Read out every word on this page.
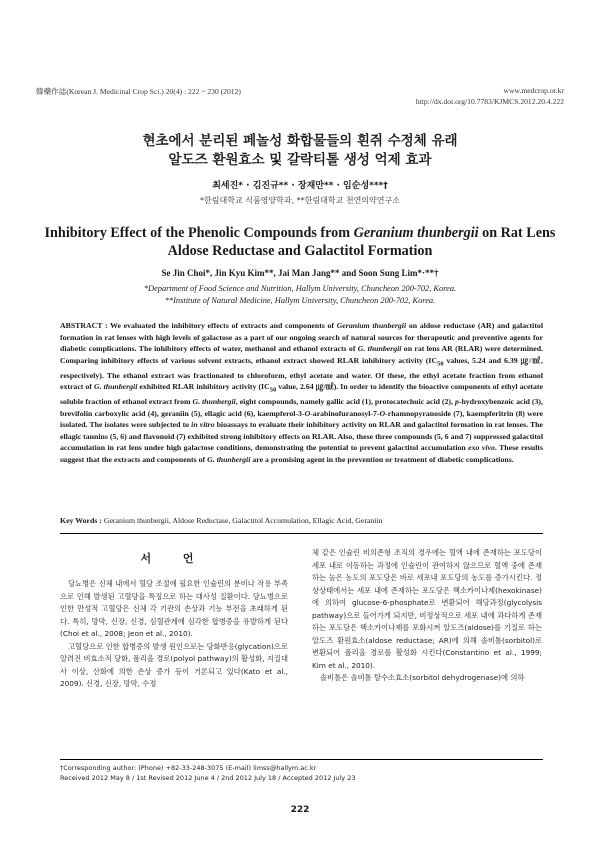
韓藥作誌(Korean J. Medicinal Crop Sci.) 20(4) : 222 ~ 230 (2012)	www.medcrop.or.kr
http://dx.doi.org/10.7783/KJMCS.2012.20.4.222
현초에서 분리된 페놀성 화합물들의 흰쥐 수정체 유래
알도즈 환원효소 및 갈락티톨 생성 억제 효과
최세진* · 김진규** · 장재만** · 임순성***†
*한림대학교 식품영양학과, **한림대학교 천연의약연구소
Inhibitory Effect of the Phenolic Compounds from Geranium thunbergii on Rat Lens
Aldose Reductase and Galactitol Formation
Se Jin Choi*, Jin Kyu Kim**, Jai Man Jang** and Soon Sung Lim*·**†
*Department of Food Science and Nutrition, Hallym University, Chuncheon 200-702, Korea.
**Institute of Natural Medicine, Hallym University, Chuncheon 200-702, Korea.
ABSTRACT : We evaluated the inhibitory effects of extracts and components of Geranium thunbergii on aldose reductase (AR) and galactitol formation in rat lenses with high levels of galactose as a part of our ongoing search of natural sources for therapeutic and preventive agents for diabetic complications. The inhibitory effects of water, methanol and ethanol extracts of G. thunbergii on rat lens AR (RLAR) were determined. Comparing inhibitory effects of various solvent extracts, ethanol extract showed RLAR inhibitory activity ($IC_{50}$ values, 5.24 and 6.39 ㎍/㎖, respectively). The ethanol extract was fractionated to chloroform, ethyl acetate and water. Of these, the ethyl acetate fraction from ethanol extract of G. thunbergii exhibited RLAR inhibitory activity ($IC_{50}$ value, 2.64 ㎍/㎖). In order to identify the bioactive components of ethyl acetate soluble fraction of ethanol extract from G. thunbergii, eight compounds, namely gallic acid (1), protocatechuic acid (2), p-hydroxybenzoic acid (3), brevifolin carboxylic acid (4), geraniin (5), ellagic acid (6), kaempferol-3-O-arabinofuranosyl-7-O-rhamnopyranoside (7), kaempferitrin (8) were isolated. The isolates were subjected to in vitro bioassays to evaluate their inhibitory activity on RLAR and galactitol formation in rat lenses. The ellagic tannins (5, 6) and flavonoid (7) exhibited strong inhibitory effects on RLAR. Also, these three compounds (5, 6 and 7) suppressed galactitol accumulation in rat lens under high galactose conditions, demonstrating the potential to prevent galactitol accumulation exo vivo. These results suggest that the extracts and components of G. thunbergii are a promising agent in the prevention or treatment of diabetic complications.
Key Words : Geranium thunbergii, Aldose Reductase, Galactitol Accumulation, Ellagic Acid, Geraniin
서 언

당뇨병은 신체 내에서 혈당 조절에 필요한 인슐린의 분비나 작용 부족으로 인해 발생된 고혈당을 특징으로 하는 대사성 질환이다. 당뇨병으로 인한 만성적 고혈당은 신체 각 기관의 손상과 기능 부전을 초래하게 된다. 특히, 망막, 신장, 신경, 심혈관계에 심각한 합병증을 유발하게 된다(Choi et al., 2008; Jeon et al., 2010).

고혈당으로 인한 합병증의 발생 원인으로는 당화반응(glycation)으로 알려진 비효소적 당화, 폴리올 경로(polyol pathway)의 활성화, 지질대사 이상, 산화에 의한 손상 증가 등이 거론되고 있다(Kato et al., 2009). 신경, 신장, 망막, 수정

체 같은 인슐린 비의존형 조직의 경우에는 혈액 내에 존재하는 포도당이 세포 내로 이동하는 과정에 인슐린이 관여하지 않으므로 혈액 중에 존재하는 높은 농도의 포도당은 바로 세포내 포도당의 농도를 증가시킨다. 정상상태에서는 세포 내에 존재하는 포도당은 핵소카이나제(hexokinase)에 의하여 glucose-6-phosphate로 변환되어 해당과정(glycolysis pathway)으로 들어가게 되지만, 비정상적으로 세포 내에 과다하게 존재하는 포도당은 핵소카이나제를 포화시켜 알도즈(aldose)를 기질로 하는 알도즈 환원효소(aldose reductase; AR)에 의해 솔비톨(sorbitol)로 변환되어 폴리올 경로를 활성화 시킨다(Constantino et al., 1999; Kim et al., 2010).

솔비톨은 솔비톨 탈수소효소(sorbitol dehydrogenase)에 의하

†Corresponding author: (Phone) +82-33-248-3075 (E-mail) limss@hallym.ac.kr
Received 2012 May 8 / 1st Revised 2012 June 4 / 2nd 2012 July 18 / Accepted 2012 July 23
222
